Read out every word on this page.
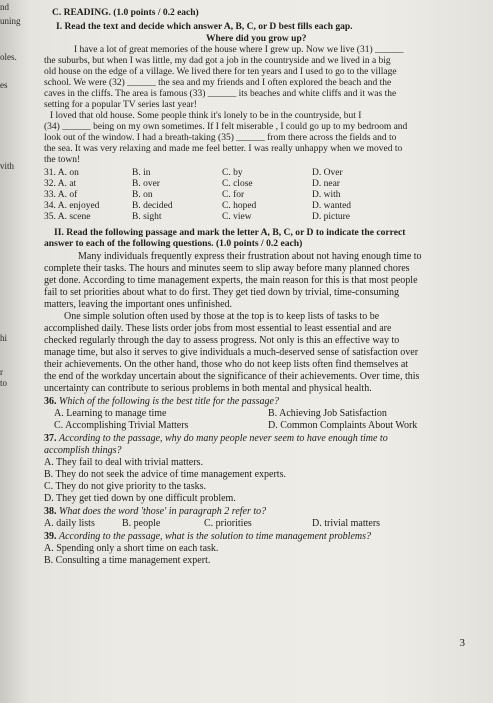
nd
uning
oles.
es
vith
hi
r
to
C. READING. (1.0 points / 0.2 each)
I. Read the text and decide which answer A, B, C, or D best fills each gap.
Where did you grow up?
I have a lot of great memories of the house where I grew up. Now we live (31) ______
the suburbs, but when I was little, my dad got a job in the countryside and we lived in a big
old house on the edge of a village. We lived there for ten years and I used to go to the village
school. We were (32) ______ the sea and my friends and I often explored the beach and the
caves in the cliffs. The area is famous (33) ______ its beaches and white cliffs and it was the
setting for a popular TV series last year!
I loved that old house. Some people think it's lonely to be in the countryside, but I
(34) ______ being on my own sometimes. If I felt miserable , I could go up to my bedroom and
look out of the window. I had a breath-taking (35) ______ from there across the fields and to
the sea. It was very relaxing and made me feel better. I was really unhappy when we moved to
the town!
31. A. on	B. in	C. by	D. Over
32. A. at	B. over	C. close	D. near
33. A. of	B. on	C. for	D. with
34. A. enjoyed	B. decided	C. hoped	D. wanted
35. A. scene	B. sight	C. view	D. picture
II. Read the following passage and mark the letter A, B, C, or D to indicate the correct
answer to each of the following questions. (1.0 points / 0.2 each)
Many individuals frequently express their frustration about not having enough time to
complete their tasks. The hours and minutes seem to slip away before many planned chores
get done. According to time management experts, the main reason for this is that most people
fail to set priorities about what to do first. They get tied down by trivial, time-consuming
matters, leaving the important ones unfinished.
One simple solution often used by those at the top is to keep lists of tasks to be
accomplished daily. These lists order jobs from most essential to least essential and are
checked regularly through the day to assess progress. Not only is this an effective way to
manage time, but also it serves to give individuals a much-deserved sense of satisfaction over
their achievements. On the other hand, those who do not keep lists often find themselves at
the end of the workday uncertain about the significance of their achievements. Over time, this
uncertainty can contribute to serious problems in both mental and physical health.
36. Which of the following is the best title for the passage?
A. Learning to manage time	B. Achieving Job Satisfaction
C. Accomplishing Trivial Matters	D. Common Complaints About Work
37. According to the passage, why do many people never seem to have enough time to
accomplish things?
A. They fail to deal with trivial matters.
B. They do not seek the advice of time management experts.
C. They do not give priority to the tasks.
D. They get tied down by one difficult problem.
38. What does the word 'those' in paragraph 2 refer to?
A. daily lists	B. people	C. priorities	D. trivial matters
39. According to the passage, what is the solution to time management problems?
A. Spending only a short time on each task.
B. Consulting a time management expert.
3
